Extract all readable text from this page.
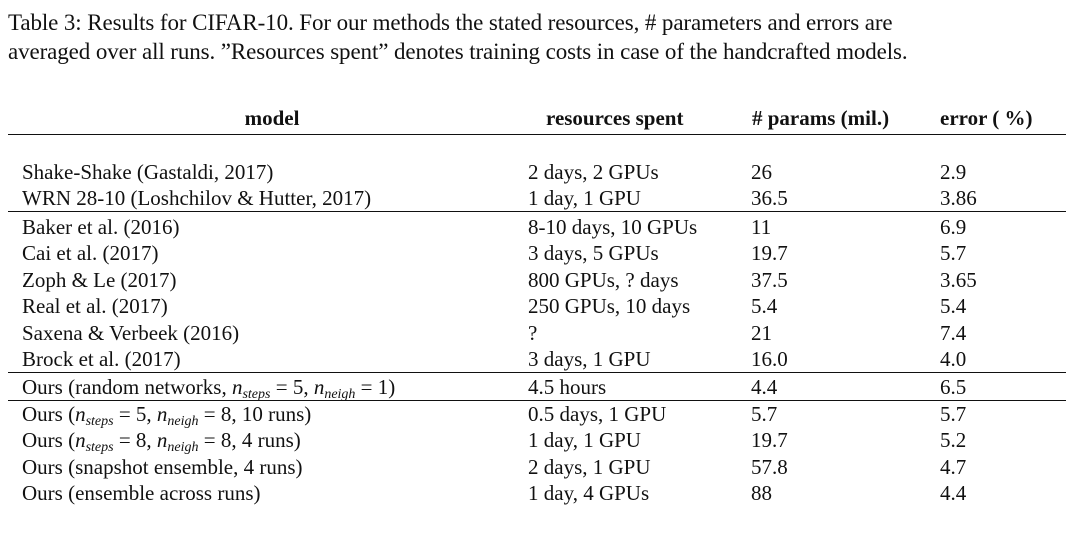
Table 3: Results for CIFAR-10. For our methods the stated resources, # parameters and errors are
averaged over all runs. ”Resources spent” denotes training costs in case of the handcrafted models.
model	resources spent	# params (mil.) error ( %)
Shake-Shake (Gastaldi, 2017)	2 days, 2 GPUs	26	2.9
WRN 28-10 (Loshchilov & Hutter, 2017)	1 day, 1 GPU	36.5	3.86
Baker et al. (2016)	8-10 days, 10 GPUs	11	6.9
Cai et al. (2017)	3 days, 5 GPUs	19.7	5.7
Zoph & Le (2017)	800 GPUs, ? days	37.5	3.65
Real et al. (2017)	250 GPUs, 10 days	5.4	5.4
Saxena & Verbeek (2016)	?	21	7.4
Brock et al. (2017)	3 days, 1 GPU	16.0	4.0
Ours (random networks, $n_{steps} = 5$, $n_{neigh} = 1$)	4.5 hours	4.4	6.5
Ours ($n_{steps} = 5$, $n_{neigh} = 8$, 10 runs)	0.5 days, 1 GPU	5.7	5.7
Ours ($n_{steps} = 8$, $n_{neigh} = 8$, 4 runs)	1 day, 1 GPU	19.7	5.2
Ours (snapshot ensemble, 4 runs)	2 days, 1 GPU	57.8	4.7
Ours (ensemble across runs)	1 day, 4 GPUs	88	4.4
